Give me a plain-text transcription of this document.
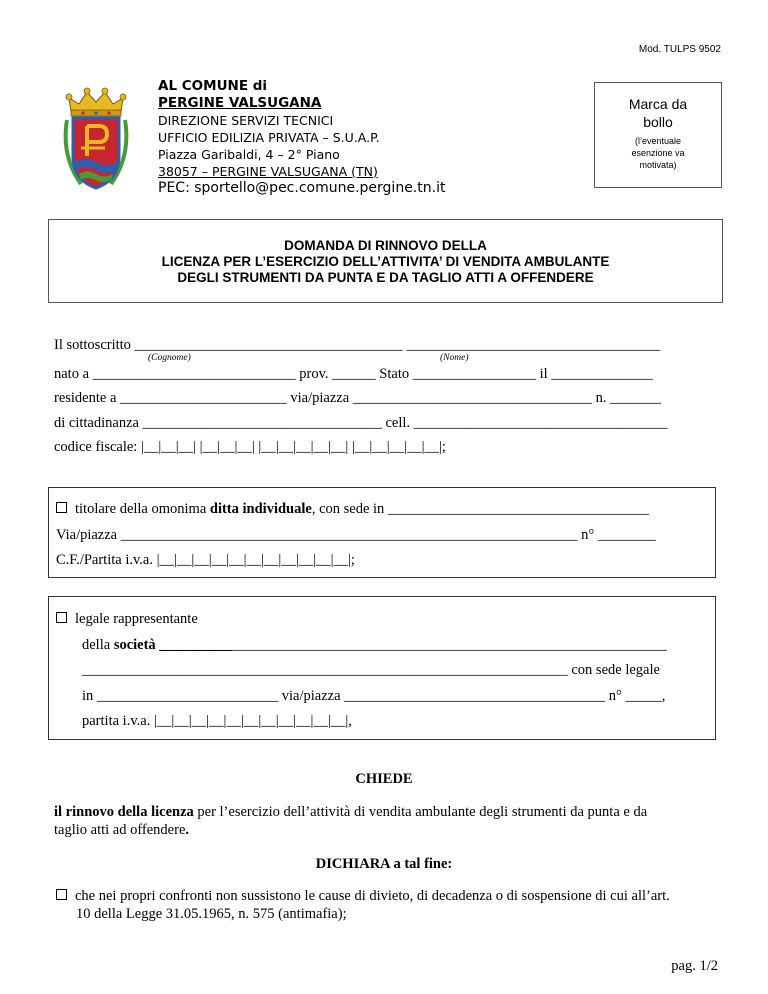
Mod. TULPS 9502
AL COMUNE di
PERGINE VALSUGANA
DIREZIONE SERVIZI TECNICI
UFFICIO EDILIZIA PRIVATA – S.U.A.P.
Piazza Garibaldi, 4 – 2° Piano
38057 – PERGINE VALSUGANA (TN)
PEC: sportello@pec.comune.pergine.tn.it
Marca da
bollo
(l’eventuale
esenzione va
motivata)
DOMANDA DI RINNOVO DELLA
LICENZA PER L’ESERCIZIO DELL’ATTIVITA’ DI VENDITA AMBULANTE
DEGLI STRUMENTI DA PUNTA E DA TAGLIO ATTI A OFFENDERE
Il sottoscritto _____________________________________ ___________________________________
(Cognome)	(Nome)
nato a ____________________________ prov. ______ Stato _________________ il ______________
residente a _______________________ via/piazza _________________________________ n. _______
di cittadinanza _________________________________ cell. ___________________________________
codice fiscale: |__|__|__| |__|__|__| |__|__|__|__|__| |__|__|__|__|__|;
titolare della omonima ditta individuale, con sede in ____________________________________
Via/piazza _______________________________________________________________ n° ________
C.F./Partita i.v.a. |__|__|__|__|__|__|__|__|__|__|__|;
legale rappresentante
della società ______________________________________________________________________
___________________________________________________________________ con sede legale
in _________________________ via/piazza ____________________________________ n° _____,
partita i.v.a. |__|__|__|__|__|__|__|__|__|__|__|,
CHIEDE
il rinnovo della licenza per l’esercizio dell’attività di vendita ambulante degli strumenti da punta e da
taglio atti ad offendere.
DICHIARA a tal fine:
che nei propri confronti non sussistono le cause di divieto, di decadenza o di sospensione di cui all’art.
10 della Legge 31.05.1965, n. 575 (antimafia);
pag. 1/2
